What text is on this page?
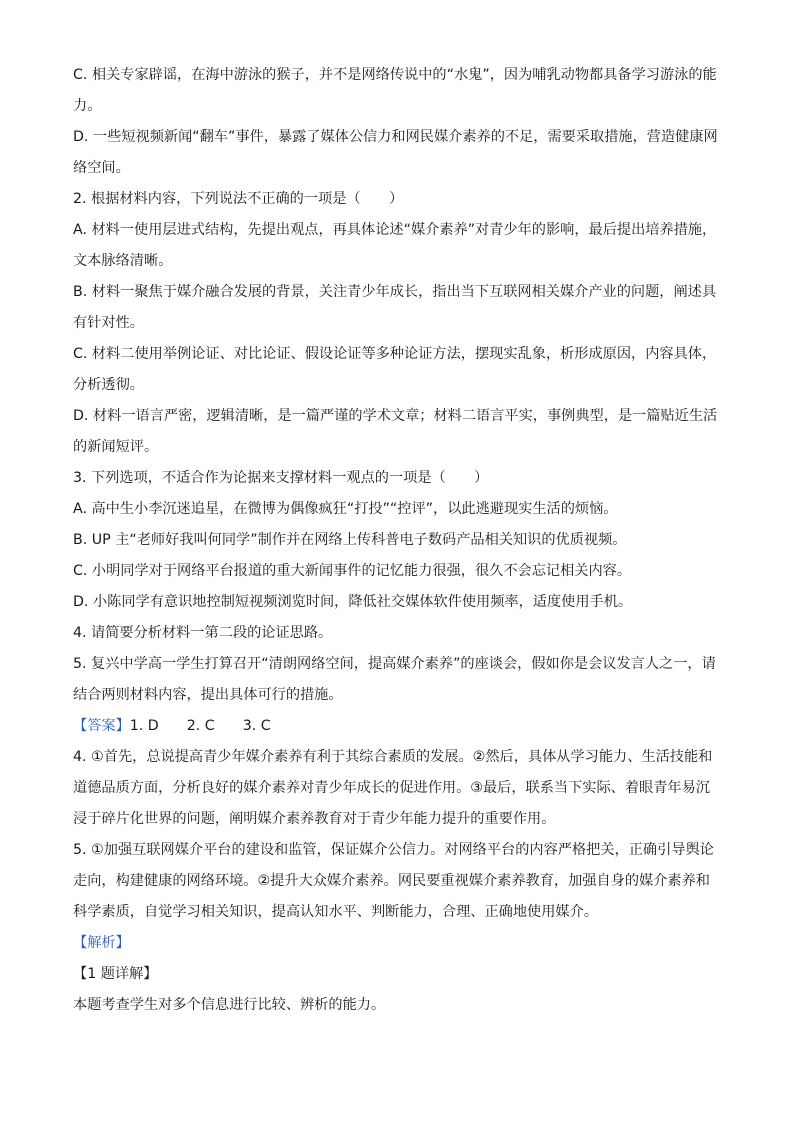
C. 相关专家辟谣，在海中游泳的猴子，并不是网络传说中的“水鬼”，因为哺乳动物都具备学习游泳的能力。

D. 一些短视频新闻“翻车”事件，暴露了媒体公信力和网民媒介素养的不足，需要采取措施，营造健康网络空间。

2. 根据材料内容，下列说法不正确的一项是（　　）

A. 材料一使用层进式结构，先提出观点，再具体论述“媒介素养”对青少年的影响，最后提出培养措施，文本脉络清晰。

B. 材料一聚焦于媒介融合发展的背景，关注青少年成长，指出当下互联网相关媒介产业的问题，阐述具有针对性。

C. 材料二使用举例论证、对比论证、假设论证等多种论证方法，摆现实乱象，析形成原因，内容具体，分析透彻。

D. 材料一语言严密，逻辑清晰，是一篇严谨的学术文章；材料二语言平实，事例典型，是一篇贴近生活的新闻短评。

3. 下列选项，不适合作为论据来支撑材料一观点的一项是（　　）

A. 高中生小李沉迷追星，在微博为偶像疯狂“打投”“控评”，以此逃避现实生活的烦恼。

B. UP 主“老师好我叫何同学”制作并在网络上传科普电子数码产品相关知识的优质视频。

C. 小明同学对于网络平台报道的重大新闻事件的记忆能力很强，很久不会忘记相关内容。

D. 小陈同学有意识地控制短视频浏览时间，降低社交媒体软件使用频率，适度使用手机。

4. 请简要分析材料一第二段的论证思路。

5. 复兴中学高一学生打算召开“清朗网络空间，提高媒介素养”的座谈会，假如你是会议发言人之一，请结合两则材料内容，提出具体可行的措施。

【答案】1. D 2. C 3. C

4. ①首先，总说提高青少年媒介素养有利于其综合素质的发展。②然后，具体从学习能力、生活技能和道德品质方面，分析良好的媒介素养对青少年成长的促进作用。③最后，联系当下实际、着眼青年易沉浸于碎片化世界的问题，阐明媒介素养教育对于青少年能力提升的重要作用。

5. ①加强互联网媒介平台的建设和监管，保证媒介公信力。对网络平台的内容严格把关，正确引导舆论走向，构建健康的网络环境。②提升大众媒介素养。网民要重视媒介素养教育，加强自身的媒介素养和科学素质，自觉学习相关知识，提高认知水平、判断能力，合理、正确地使用媒介。

【解析】

【1 题详解】

本题考查学生对多个信息进行比较、辨析的能力。
